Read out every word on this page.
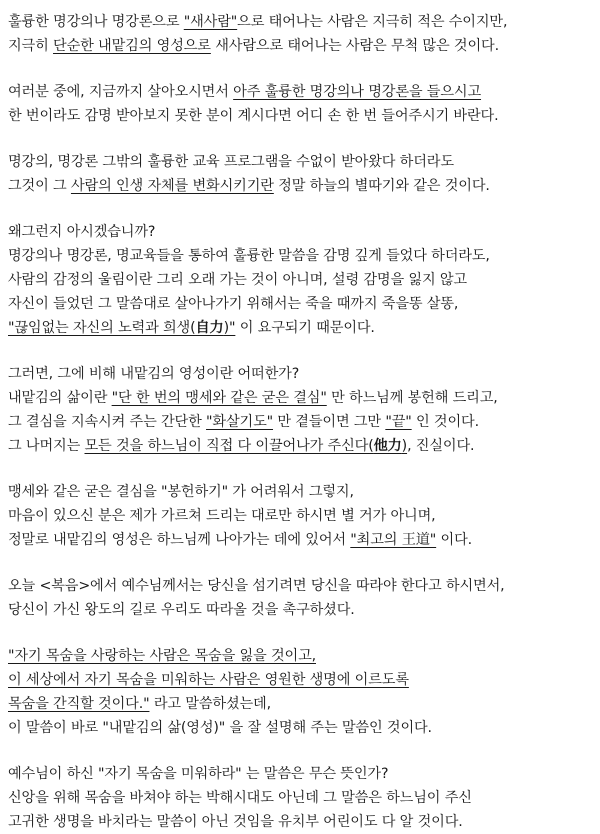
훌륭한 명강의나 명강론으로 "새사람"으로 태어나는 사람은 지극히 적은 수이지만,
지극히 단순한 내맡김의 영성으로 새사람으로 태어나는 사람은 무척 많은 것이다.
여러분 중에, 지금까지 살아오시면서 아주 훌륭한 명강의나 명강론을 들으시고
한 번이라도 감명 받아보지 못한 분이 계시다면 어디 손 한 번 들어주시기 바란다.
명강의, 명강론 그밖의 훌륭한 교육 프로그램을 수없이 받아왔다 하더라도
그것이 그 사람의 인생 자체를 변화시키기란 정말 하늘의 별따기와 같은 것이다.
왜그런지 아시겠습니까?
명강의나 명강론, 명교육들을 통하여 훌륭한 말씀을 감명 깊게 들었다 하더라도,
사람의 감정의 울림이란 그리 오래 가는 것이 아니며, 설령 감명을 잃지 않고
자신이 들었던 그 말씀대로 살아나가기 위해서는 죽을 때까지 죽을똥 살똥,
"끊임없는 자신의 노력과 희생(自力)" 이 요구되기 때문이다.
그러면, 그에 비해 내맡김의 영성이란 어떠한가?
내맡김의 삶이란 "단 한 번의 맹세와 같은 굳은 결심" 만 하느님께 봉헌해 드리고,
그 결심을 지속시켜 주는 간단한 "화살기도" 만 곁들이면 그만 "끝" 인 것이다.
그 나머지는 모든 것을 하느님이 직접 다 이끌어나가 주신다(他力), 진실이다.
맹세와 같은 굳은 결심을 "봉헌하기" 가 어려워서 그렇지,
마음이 있으신 분은 제가 가르쳐 드리는 대로만 하시면 별 거가 아니며,
정말로 내맡김의 영성은 하느님께 나아가는 데에 있어서 "최고의 王道" 이다.
오늘 <복음>에서 예수님께서는 당신을 섬기려면 당신을 따라야 한다고 하시면서,
당신이 가신 왕도의 길로 우리도 따라올 것을 촉구하셨다.
"자기 목숨을 사랑하는 사람은 목숨을 잃을 것이고,
이 세상에서 자기 목숨을 미워하는 사람은 영원한 생명에 이르도록
목숨을 간직할 것이다." 라고 말씀하셨는데,
이 말씀이 바로 "내맡김의 삶(영성)" 을 잘 설명해 주는 말씀인 것이다.
예수님이 하신 "자기 목숨을 미워하라" 는 말씀은 무슨 뜻인가?
신앙을 위해 목숨을 바쳐야 하는 박해시대도 아닌데 그 말씀은 하느님이 주신
고귀한 생명을 바치라는 말씀이 아닌 것임을 유치부 어린이도 다 알 것이다.
